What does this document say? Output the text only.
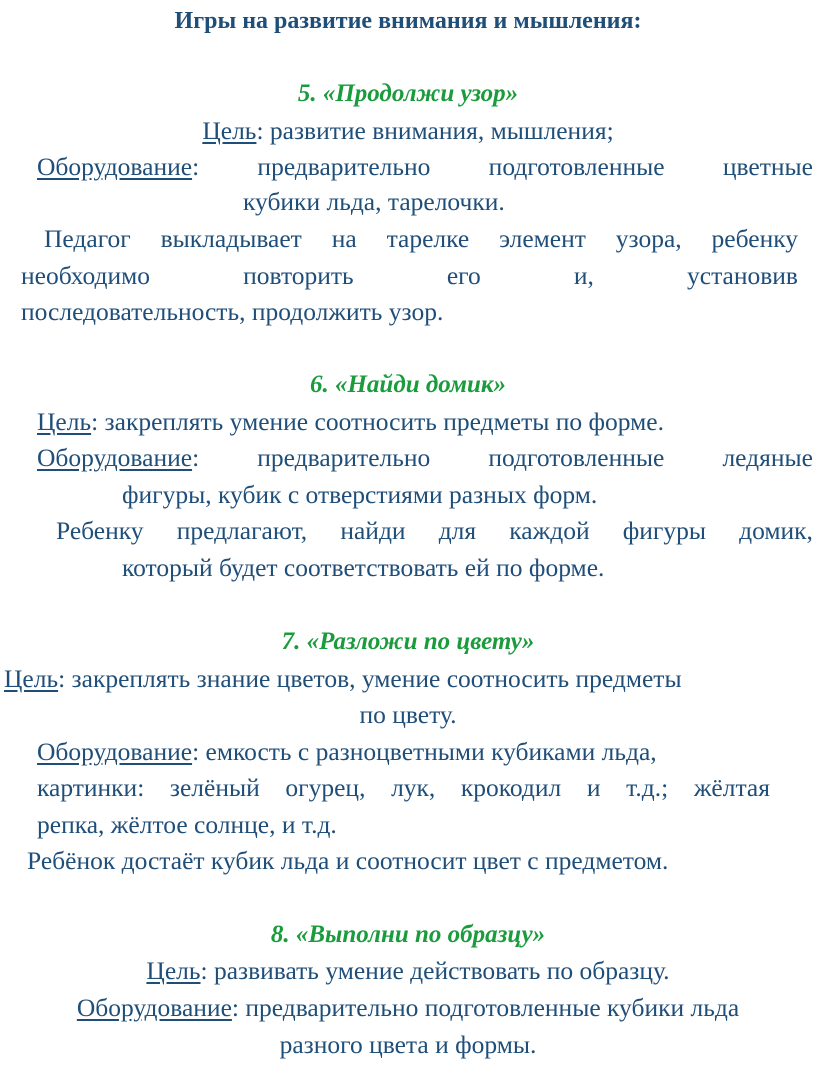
Игры на развитие внимания и мышления:
5. «Продолжи узор»
Цель: развитие внимания, мышления;
Оборудование: предварительно подготовленные цветные
кубики льда, тарелочки.
Педагог выкладывает на тарелке элемент узора, ребенку
необходимо	повторить	его	и,	установив
последовательность, продолжить узор.
6. «Найди домик»
Цель: закреплять умение соотносить предметы по форме.
Оборудование: предварительно подготовленные ледяные
фигуры, кубик с отверстиями разных форм.
Ребенку предлагают, найди для каждой фигуры домик,
который будет соответствовать ей по форме.
7. «Разложи по цвету»
Цель: закреплять знание цветов, умение соотносить предметы
по цвету.
Оборудование: емкость с разноцветными кубиками льда,
картинки: зелёный огурец, лук, крокодил и т.д.; жёлтая
репка, жёлтое солнце, и т.д.
Ребёнок достаёт кубик льда и соотносит цвет с предметом.
8. «Выполни по образцу»
Цель: развивать умение действовать по образцу.
Оборудование: предварительно подготовленные кубики льда
разного цвета и формы.
